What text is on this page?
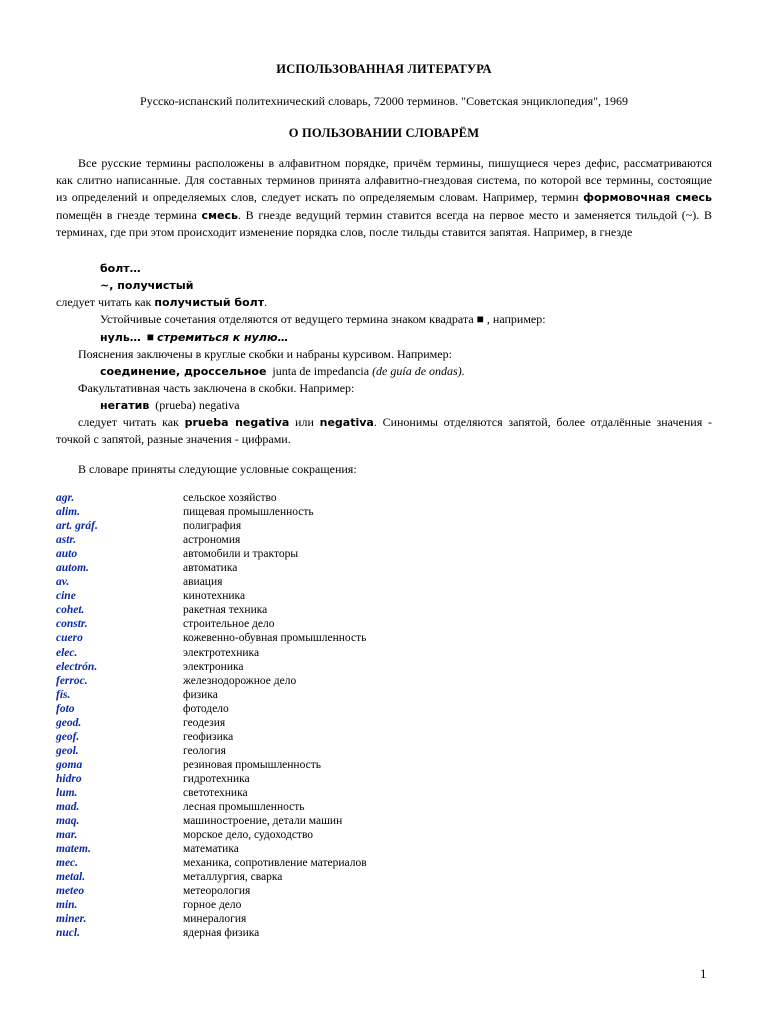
ИСПОЛЬЗОВАННАЯ ЛИТЕРАТУРА
Русско-испанский политехнический словарь, 72000 терминов. "Советская энциклопедия", 1969
О ПОЛЬЗОВАНИИ СЛОВАРЁМ
Все русские термины расположены в алфавитном порядке, причём термины, пишущиеся через дефис, рассматриваются как слитно написанные. Для составных терминов принята алфавитно-гнездовая система, по которой все термины, состоящие из определений и определяемых слов, следует искать по определяемым словам. Например, термин формовочная смесь помещён в гнезде термина смесь. В гнезде ведущий термин ставится всегда на первое место и заменяется тильдой (~). В терминах, где при этом происходит изменение порядка слов, после тильды ставится запятая. Например, в гнезде
болт…
~, получистый
следует читать как получистый болт.
Устойчивые сочетания отделяются от ведущего термина знаком квадрата ■ , например:
нуль… ■ стремиться к нулю…
Пояснения заключены в круглые скобки и набраны курсивом. Например:
соединение, дроссельное junta de impedancia (de guía de ondas).
Факультативная часть заключена в скобки. Например:
негатив (prueba) negativa
следует читать как prueba negativa или negativa. Синонимы отделяются запятой, более отдалённые значения - точкой с запятой, разные значения - цифрами.
В словаре приняты следующие условные сокращения:
agr.	сельское хозяйство
alim.	пищевая промышленность
art. gráf.	полиграфия
astr.	астрономия
auto	автомобили и тракторы
autom.	автоматика
av.	авиация
cine	кинотехника
cohet.	ракетная техника
constr.	строительное дело
cuero	кожевенно-обувная промышленность
elec.	электротехника
electrón.	электроника
ferroc.	железнодорожное дело
fís.	физика
foto	фотодело
geod.	геодезия
geof.	геофизика
geol.	геология
goma	резиновая промышленность
hidro	гидротехника
lum.	светотехника
mad.	лесная промышленность
maq.	машиностроение, детали машин
mar.	морское дело, судоходство
matem.	математика
mec.	механика, сопротивление материалов
metal.	металлургия, сварка
meteo	метеорология
min.	горное дело
miner.	минералогия
nucl.	ядерная физика
1
